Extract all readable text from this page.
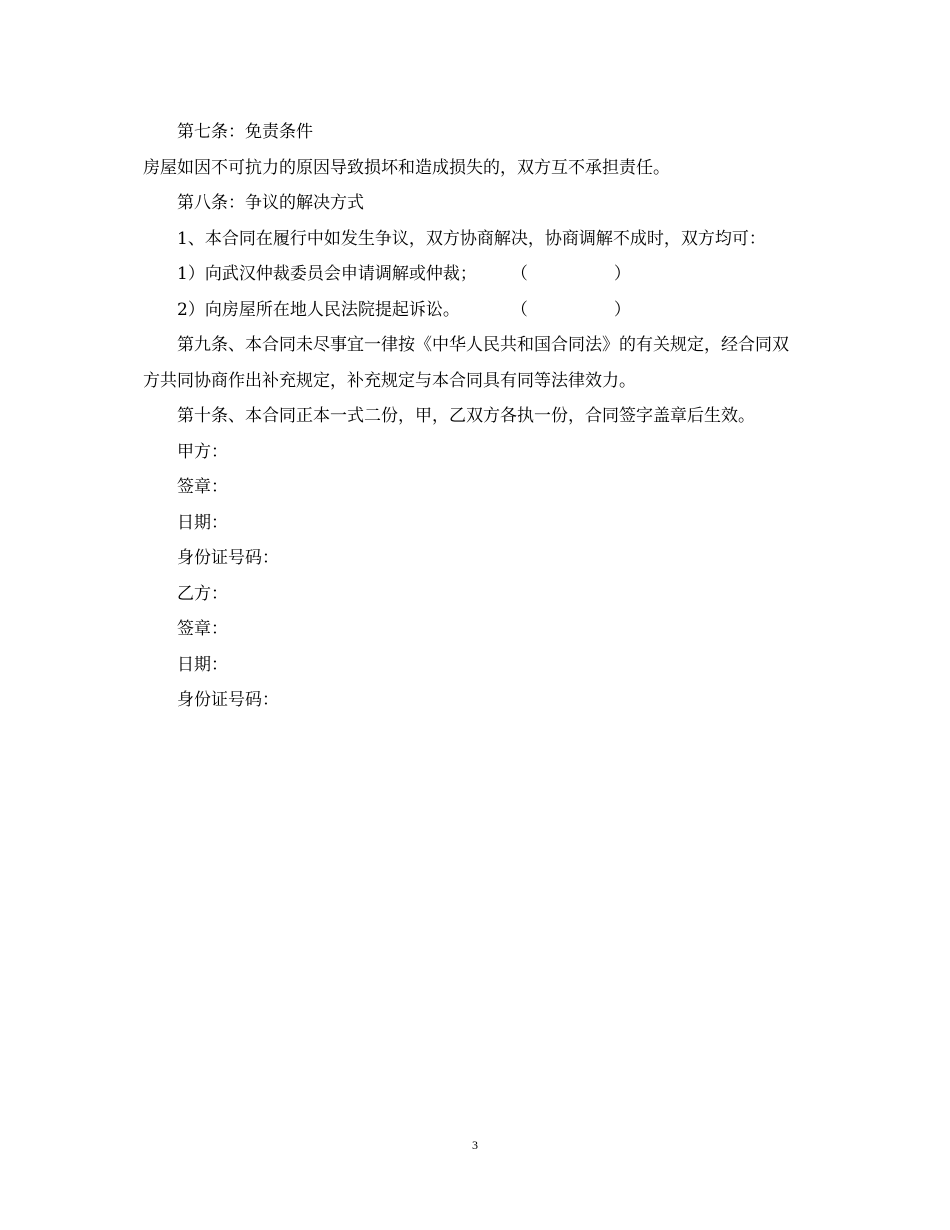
第七条：免责条件

房屋如因不可抗力的原因导致损坏和造成损失的，双方互不承担责任。

第八条：争议的解决方式

1、本合同在履行中如发生争议，双方协商解决，协商调解不成时，双方均可：

1）向武汉仲裁委员会申请调解或仲裁； （	）

2）向房屋所在地人民法院提起诉讼。	（	）

第九条、本合同未尽事宜一律按《中华人民共和国合同法》的有关规定，经合同双方共同协商作出补充规定，补充规定与本合同具有同等法律效力。

第十条、本合同正本一式二份，甲，乙双方各执一份，合同签字盖章后生效。

甲方：

签章：

日期：

身份证号码：

乙方：

签章：

日期：

身份证号码：

3
